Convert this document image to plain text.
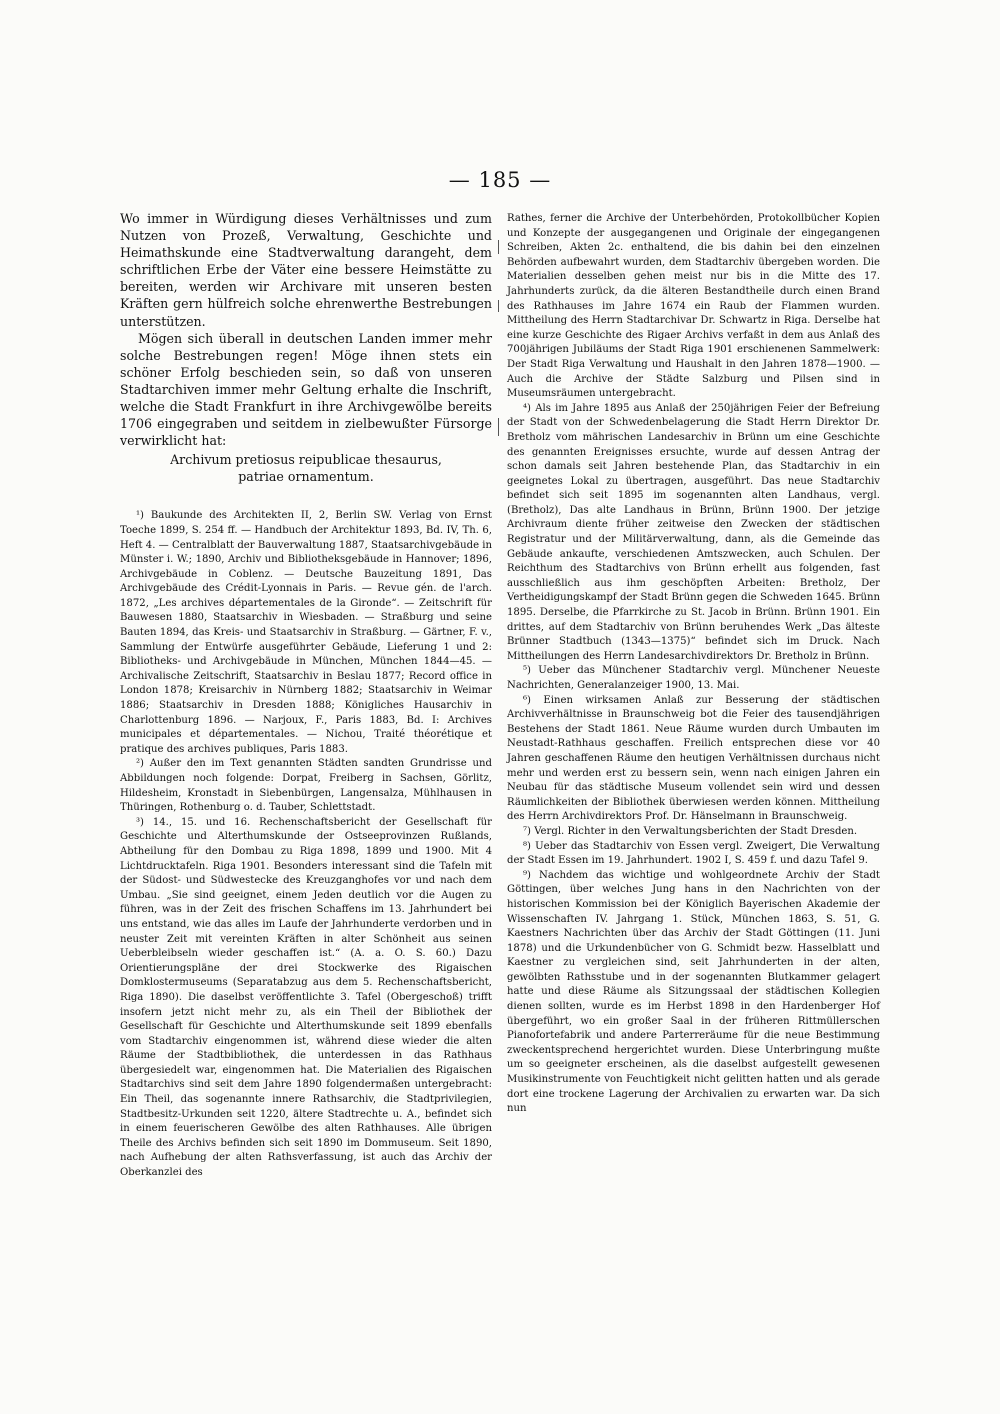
— 185 —

Wo immer in Würdigung dieses Verhältnisses und zum Nutzen von Prozeß, Verwaltung, Geschichte und Heimathskunde eine Stadtverwaltung darangeht, dem schriftlichen Erbe der Väter eine bessere Heimstätte zu bereiten, werden wir Archivare mit unseren besten Kräften gern hülfreich solche ehrenwerthe Bestrebungen unterstützen.

Mögen sich überall in deutschen Landen immer mehr solche Bestrebungen regen! Möge ihnen stets ein schöner Erfolg beschieden sein, so daß von unseren Stadtarchiven immer mehr Geltung erhalte die Inschrift, welche die Stadt Frankfurt in ihre Archivgewölbe bereits 1706 eingegraben und seitdem in zielbewußter Fürsorge verwirklicht hat:

Archivum pretiosus reipublicae thesaurus,
patriae ornamentum.

¹) Baukunde des Architekten II, 2, Berlin SW. Verlag von Ernst Toeche 1899, S. 254 ff. — Handbuch der Architektur 1893, Bd. IV, Th. 6, Heft 4. — Centralblatt der Bauverwaltung 1887, Staatsarchivgebäude in Münster i. W.; 1890, Archiv und Bibliotheksgebäude in Hannover; 1896, Archivgebäude in Coblenz. — Deutsche Bauzeitung 1891, Das Archivgebäude des Crédit-Lyonnais in Paris. — Revue gén. de l'arch. 1872, „Les archives départementales de la Gironde“. — Zeitschrift für Bauwesen 1880, Staatsarchiv in Wiesbaden. — Straßburg und seine Bauten 1894, das Kreis- und Staatsarchiv in Straßburg. — Gärtner, F. v., Sammlung der Entwürfe ausgeführter Gebäude, Lieferung 1 und 2: Bibliotheks- und Archivgebäude in München, München 1844—45. — Archivalische Zeitschrift, Staatsarchiv in Beslau 1877; Record office in London 1878; Kreisarchiv in Nürnberg 1882; Staatsarchiv in Weimar 1886; Staatsarchiv in Dresden 1888; Königliches Hausarchiv in Charlottenburg 1896. — Narjoux, F., Paris 1883, Bd. I: Archives municipales et départementales. — Nichou, Traité théorétique et pratique des archives publiques, Paris 1883.

²) Außer den im Text genannten Städten sandten Grundrisse und Abbildungen noch folgende: Dorpat, Freiberg in Sachsen, Görlitz, Hildesheim, Kronstadt in Siebenbürgen, Langensalza, Mühlhausen in Thüringen, Rothenburg o. d. Tauber, Schlettstadt.

³) 14., 15. und 16. Rechenschaftsbericht der Gesellschaft für Geschichte und Alterthumskunde der Ostseeprovinzen Rußlands, Abtheilung für den Dombau zu Riga 1898, 1899 und 1900. Mit 4 Lichtdrucktafeln. Riga 1901. Besonders interessant sind die Tafeln mit der Südost- und Südwestecke des Kreuzganghofes vor und nach dem Umbau. „Sie sind geeignet, einem Jeden deutlich vor die Augen zu führen, was in der Zeit des frischen Schaffens im 13. Jahrhundert bei uns entstand, wie das alles im Laufe der Jahrhunderte verdorben und in neuster Zeit mit vereinten Kräften in alter Schönheit aus seinen Ueberbleibseln wieder geschaffen ist.“ (A. a. O. S. 60.) Dazu Orientierungspläne der drei Stockwerke des Rigaischen Domklostermuseums (Separatabzug aus dem 5. Rechenschaftsbericht, Riga 1890). Die daselbst veröffentlichte 3. Tafel (Obergeschoß) trifft insofern jetzt nicht mehr zu, als ein Theil der Bibliothek der Gesellschaft für Geschichte und Alterthumskunde seit 1899 ebenfalls vom Stadtarchiv eingenommen ist, während diese wieder die alten Räume der Stadtbibliothek, die unterdessen in das Rathhaus übergesiedelt war, eingenommen hat. Die Materialien des Rigaischen Stadtarchivs sind seit dem Jahre 1890 folgendermaßen untergebracht: Ein Theil, das sogenannte innere Rathsarchiv, die Stadtprivilegien, Stadtbesitz-Urkunden seit 1220, ältere Stadtrechte u. A., befindet sich in einem feuerischeren Gewölbe des alten Rathhauses. Alle übrigen Theile des Archivs befinden sich seit 1890 im Dommuseum. Seit 1890, nach Aufhebung der alten Rathsverfassung, ist auch das Archiv der Oberkanzlei des

Rathes, ferner die Archive der Unterbehörden, Protokollbücher Kopien und Konzepte der ausgegangenen und Originale der eingegangenen Schreiben, Akten 2c. enthaltend, die bis dahin bei den einzelnen Behörden aufbewahrt wurden, dem Stadtarchiv übergeben worden. Die Materialien desselben gehen meist nur bis in die Mitte des 17. Jahrhunderts zurück, da die älteren Bestandtheile durch einen Brand des Rathhauses im Jahre 1674 ein Raub der Flammen wurden. Mittheilung des Herrn Stadtarchivar Dr. Schwartz in Riga. Derselbe hat eine kurze Geschichte des Rigaer Archivs verfaßt in dem aus Anlaß des 700jährigen Jubiläums der Stadt Riga 1901 erschienenen Sammelwerk: Der Stadt Riga Verwaltung und Haushalt in den Jahren 1878—1900. — Auch die Archive der Städte Salzburg und Pilsen sind in Museumsräumen untergebracht.

⁴) Als im Jahre 1895 aus Anlaß der 250jährigen Feier der Befreiung der Stadt von der Schwedenbelagerung die Stadt Herrn Direktor Dr. Bretholz vom mährischen Landesarchiv in Brünn um eine Geschichte des genannten Ereignisses ersuchte, wurde auf dessen Antrag der schon damals seit Jahren bestehende Plan, das Stadtarchiv in ein geeignetes Lokal zu übertragen, ausgeführt. Das neue Stadtarchiv befindet sich seit 1895 im sogenannten alten Landhaus, vergl. (Bretholz), Das alte Landhaus in Brünn, Brünn 1900. Der jetzige Archivraum diente früher zeitweise den Zwecken der städtischen Registratur und der Militärverwaltung, dann, als die Gemeinde das Gebäude ankaufte, verschiedenen Amtszwecken, auch Schulen. Der Reichthum des Stadtarchivs von Brünn erhellt aus folgenden, fast ausschließlich aus ihm geschöpften Arbeiten: Bretholz, Der Vertheidigungskampf der Stadt Brünn gegen die Schweden 1645. Brünn 1895. Derselbe, die Pfarrkirche zu St. Jacob in Brünn. Brünn 1901. Ein drittes, auf dem Stadtarchiv von Brünn beruhendes Werk „Das älteste Brünner Stadtbuch (1343—1375)“ befindet sich im Druck. Nach Mittheilungen des Herrn Landesarchivdirektors Dr. Bretholz in Brünn.

⁵) Ueber das Münchener Stadtarchiv vergl. Münchener Neueste Nachrichten, Generalanzeiger 1900, 13. Mai.

⁶) Einen wirksamen Anlaß zur Besserung der städtischen Archivverhältnisse in Braunschweig bot die Feier des tausendjährigen Bestehens der Stadt 1861. Neue Räume wurden durch Umbauten im Neustadt-Rathhaus geschaffen. Freilich entsprechen diese vor 40 Jahren geschaffenen Räume den heutigen Verhältnissen durchaus nicht mehr und werden erst zu bessern sein, wenn nach einigen Jahren ein Neubau für das städtische Museum vollendet sein wird und dessen Räumlichkeiten der Bibliothek überwiesen werden können. Mittheilung des Herrn Archivdirektors Prof. Dr. Hänselmann in Braunschweig.

⁷) Vergl. Richter in den Verwaltungsberichten der Stadt Dresden.

⁸) Ueber das Stadtarchiv von Essen vergl. Zweigert, Die Verwaltung der Stadt Essen im 19. Jahrhundert. 1902 I, S. 459 f. und dazu Tafel 9.

⁹) Nachdem das wichtige und wohlgeordnete Archiv der Stadt Göttingen, über welches Jung hans in den Nachrichten von der historischen Kommission bei der Königlich Bayerischen Akademie der Wissenschaften IV. Jahrgang 1. Stück, München 1863, S. 51, G. Kaestners Nachrichten über das Archiv der Stadt Göttingen (11. Juni 1878) und die Urkundenbücher von G. Schmidt bezw. Hasselblatt und Kaestner zu vergleichen sind, seit Jahrhunderten in der alten, gewölbten Rathsstube und in der sogenannten Blutkammer gelagert hatte und diese Räume als Sitzungssaal der städtischen Kollegien dienen sollten, wurde es im Herbst 1898 in den Hardenberger Hof übergeführt, wo ein großer Saal in der früheren Rittmüllerschen Pianofortefabrik und andere Parterreräume für die neue Bestimmung zweckentsprechend hergerichtet wurden. Diese Unterbringung mußte um so geeigneter erscheinen, als die daselbst aufgestellt gewesenen Musikinstrumente von Feuchtigkeit nicht gelitten hatten und als gerade dort eine trockene Lagerung der Archivalien zu erwarten war. Da sich nun
